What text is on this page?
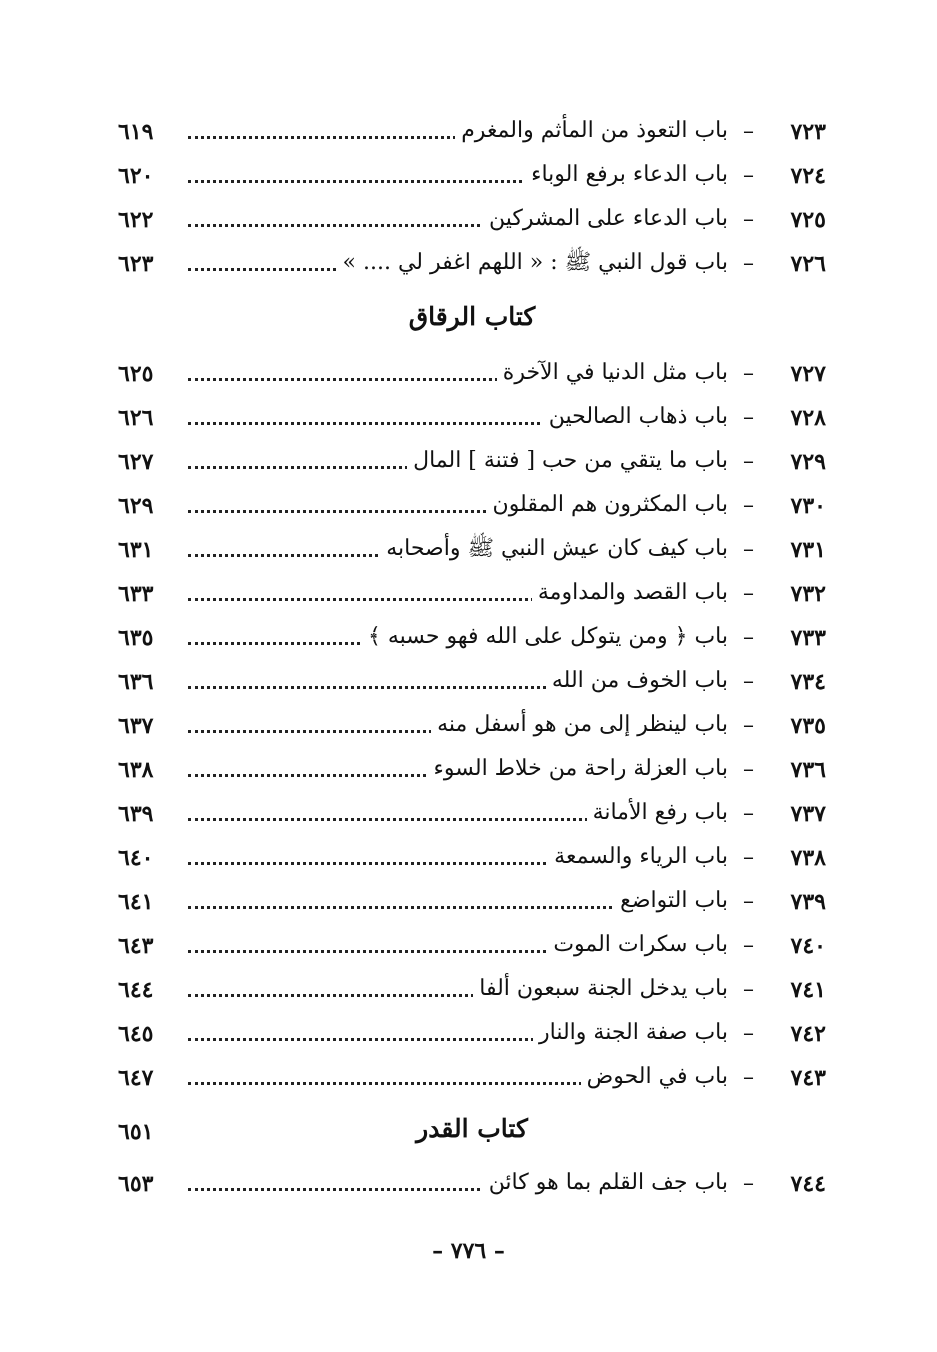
٧٢٣
–
باب التعوذ من المأثم والمغرم
٦١٩
٧٢٤
–
باب الدعاء برفع الوباء
٦٢٠
٧٢٥
–
باب الدعاء على المشركين
٦٢٢
٧٢٦
–
باب قول النبي ﷺ : « اللهم اغفر لي .... »
٦٢٣
كتاب الرقاق
٧٢٧
–
باب مثل الدنيا في الآخرة
٦٢٥
٧٢٨
–
باب ذهاب الصالحين
٦٢٦
٧٢٩
–
باب ما يتقي من حب [ فتنة ] المال
٦٢٧
٧٣٠
–
باب المكثرون هم المقلون
٦٢٩
٧٣١
–
باب كيف كان عيش النبي ﷺ وأصحابه
٦٣١
٧٣٢
–
باب القصد والمداومة
٦٣٣
٧٣٣
–
باب ﴿ ومن يتوكل على الله فهو حسبه ﴾
٦٣٥
٧٣٤
–
باب الخوف من الله
٦٣٦
٧٣٥
–
باب لينظر إلى من هو أسفل منه
٦٣٧
٧٣٦
–
باب العزلة راحة من خلاط السوء
٦٣٨
٧٣٧
–
باب رفع الأمانة
٦٣٩
٧٣٨
–
باب الرياء والسمعة
٦٤٠
٧٣٩
–
باب التواضع
٦٤١
٧٤٠
–
باب سكرات الموت
٦٤٣
٧٤١
–
باب يدخل الجنة سبعون ألفا
٦٤٤
٧٤٢
–
باب صفة الجنة والنار
٦٤٥
٧٤٣
–
باب في الحوض
٦٤٧
كتاب القدر
٦٥١
٧٤٤
–
باب جف القلم بما هو كائن
٦٥٣
– ٧٧٦ –
